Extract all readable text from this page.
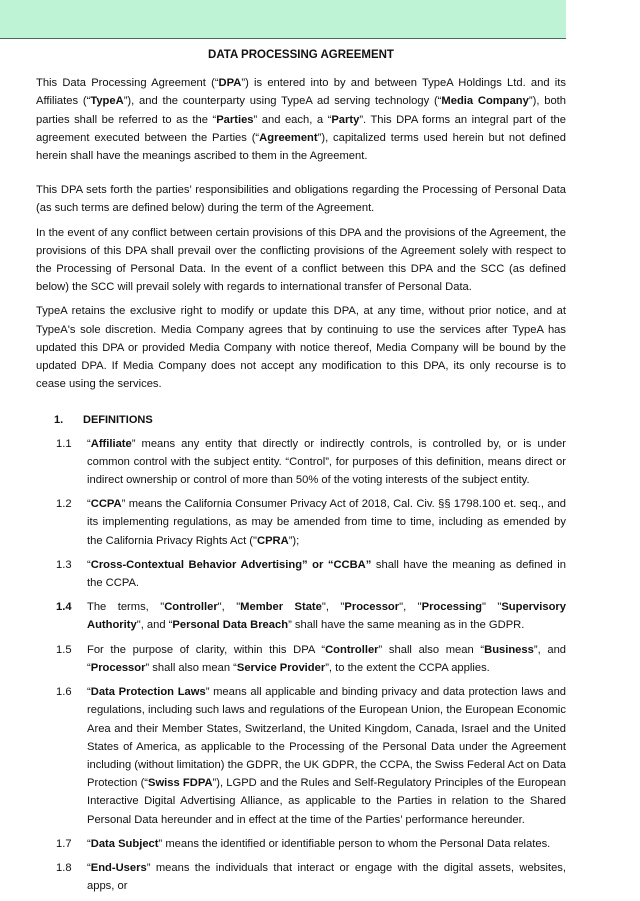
DATA PROCESSING AGREEMENT

This Data Processing Agreement (“DPA”) is entered into by and between TypeA Holdings Ltd. and its Affiliates (“TypeA”), and the counterparty using TypeA ad serving technology (“Media Company”), both parties shall be referred to as the “Parties” and each, a “Party”. This DPA forms an integral part of the agreement executed between the Parties (“Agreement”), capitalized terms used herein but not defined herein shall have the meanings ascribed to them in the Agreement.

This DPA sets forth the parties’ responsibilities and obligations regarding the Processing of Personal Data (as such terms are defined below) during the term of the Agreement.

In the event of any conflict between certain provisions of this DPA and the provisions of the Agreement, the provisions of this DPA shall prevail over the conflicting provisions of the Agreement solely with respect to the Processing of Personal Data. In the event of a conflict between this DPA and the SCC (as defined below) the SCC will prevail solely with regards to international transfer of Personal Data.

TypeA retains the exclusive right to modify or update this DPA, at any time, without prior notice, and at TypeA's sole discretion. Media Company agrees that by continuing to use the services after TypeA has updated this DPA or provided Media Company with notice thereof, Media Company will be bound by the updated DPA. If Media Company does not accept any modification to this DPA, its only recourse is to cease using the services.

1.	DEFINITIONS
1.1	“Affiliate” means any entity that directly or indirectly controls, is controlled by, or is under common control with the subject entity. “Control”, for purposes of this definition, means direct or indirect ownership or control of more than 50% of the voting interests of the subject entity.
1.2	“CCPA” means the California Consumer Privacy Act of 2018, Cal. Civ. §§ 1798.100 et. seq., and its implementing regulations, as may be amended from time to time, including as emended by the California Privacy Rights Act ("CPRA”);
1.3	“Cross-Contextual Behavior Advertising” or “CCBA” shall have the meaning as defined in the CCPA.
1.4	The terms, "Controller", "Member State", "Processor", "Processing" "Supervisory Authority", and “Personal Data Breach” shall have the same meaning as in the GDPR.
1.5	For the purpose of clarity, within this DPA “Controller” shall also mean “Business”, and “Processor” shall also mean “Service Provider”, to the extent the CCPA applies.
1.6	“Data Protection Laws” means all applicable and binding privacy and data protection laws and regulations, including such laws and regulations of the European Union, the European Economic Area and their Member States, Switzerland, the United Kingdom, Canada, Israel and the United States of America, as applicable to the Processing of the Personal Data under the Agreement including (without limitation) the GDPR, the UK GDPR, the CCPA, the Swiss Federal Act on Data Protection (“Swiss FDPA”), LGPD and the Rules and Self-Regulatory Principles of the European Interactive Digital Advertising Alliance, as applicable to the Parties in relation to the Shared Personal Data hereunder and in effect at the time of the Parties’ performance hereunder.
1.7	“Data Subject” means the identified or identifiable person to whom the Personal Data relates.
1.8	“End-Users” means the individuals that interact or engage with the digital assets, websites, apps, or
